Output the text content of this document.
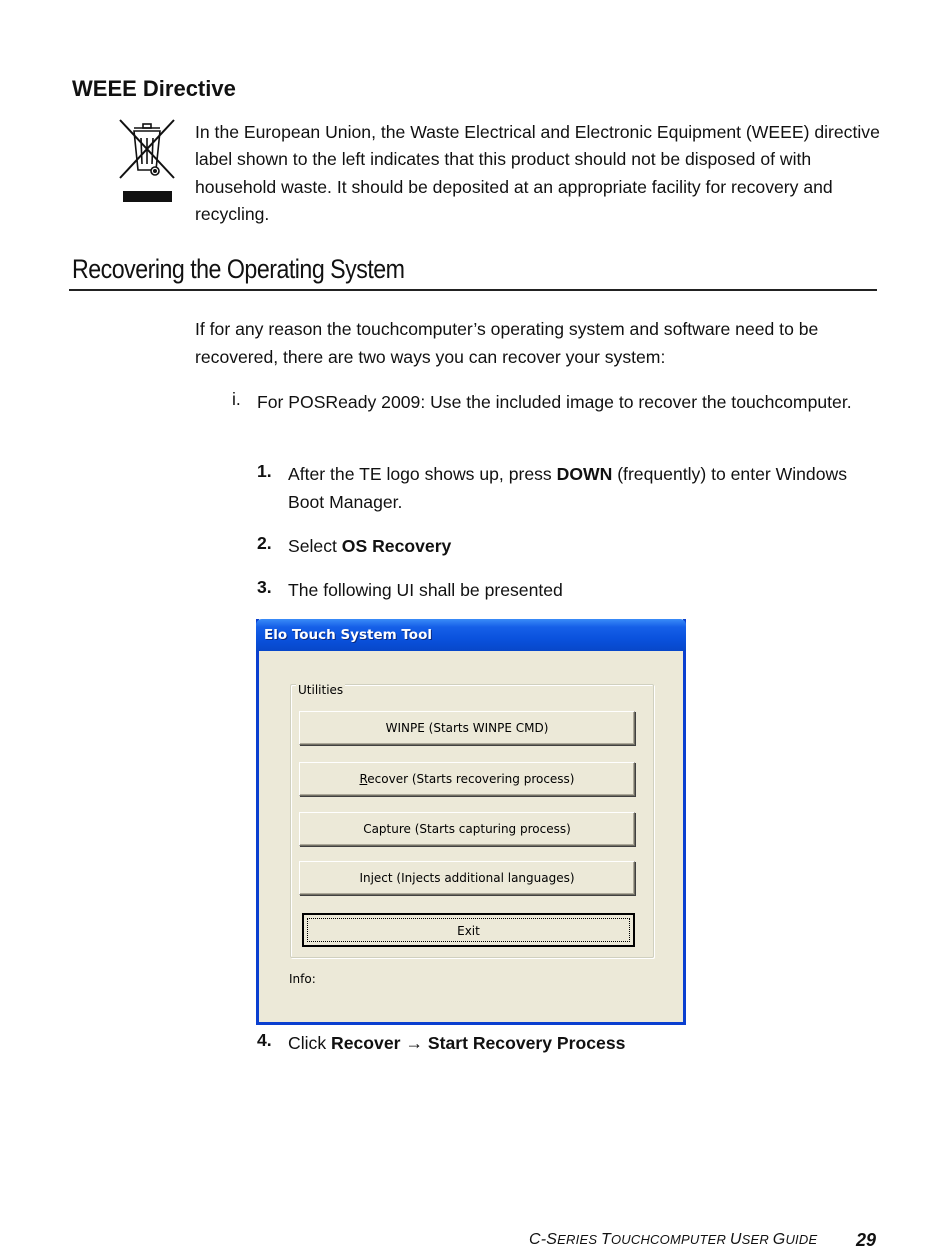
WEEE Directive
In the European Union, the Waste Electrical and Electronic Equipment (WEEE) directive label shown to the left indicates that this product should not be disposed of with household waste. It should be deposited at an appropriate facility for recovery and recycling.
Recovering the Operating System
If for any reason the touchcomputer’s operating system and software need to be recovered, there are two ways you can recover your system:
i. For POSReady 2009: Use the included image to recover the touchcomputer.
1. After the TE logo shows up, press DOWN (frequently) to enter Windows Boot Manager.
2. Select OS Recovery
3. The following UI shall be presented
Elo Touch System Tool
Utilities
WINPE (Starts WINPE CMD)
Recover (Starts recovering process)
Capture (Starts capturing process)
Inject (Injects additional languages)
Exit
Info:
4. Click Recover → Start Recovery Process
C-SERIES TOUCHCOMPUTER USER GUIDE 29
